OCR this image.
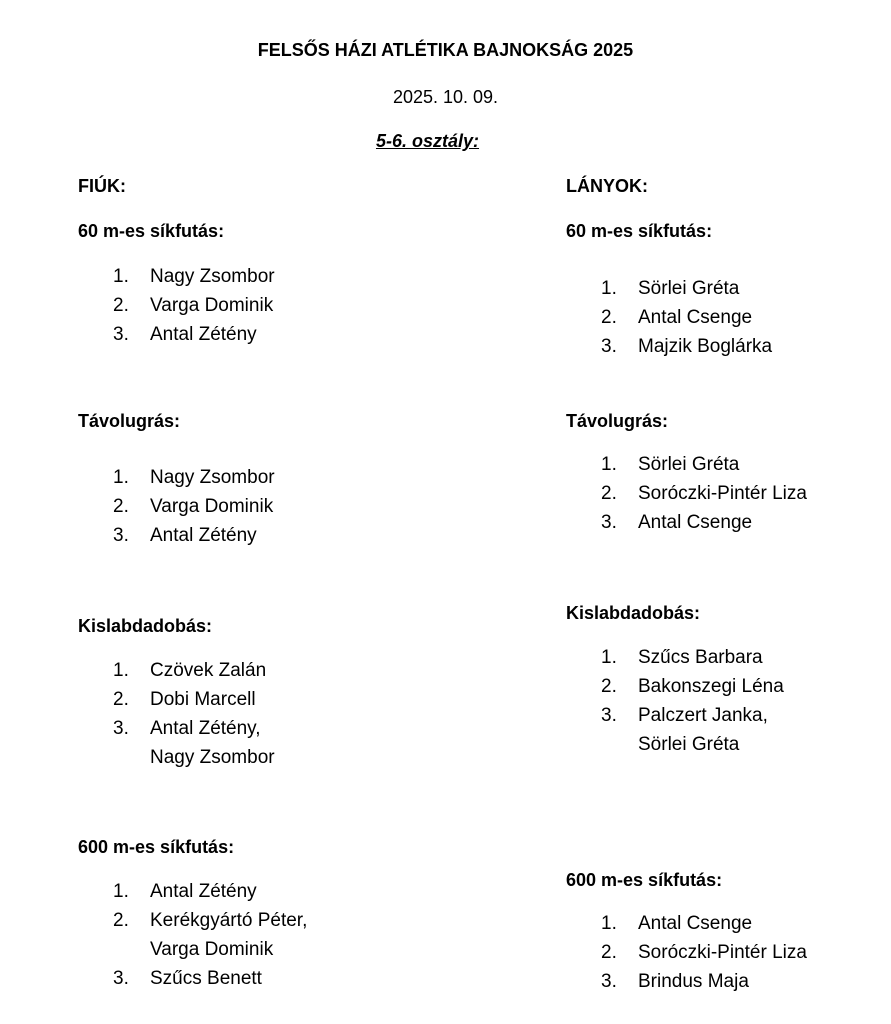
FELSŐS HÁZI ATLÉTIKA BAJNOKSÁG 2025
2025. 10. 09.
5-6. osztály:
FIÚK:
60 m-es síkfutás:
1. Nagy Zsombor
2. Varga Dominik
3. Antal Zétény
Távolugrás:
1. Nagy Zsombor
2. Varga Dominik
3. Antal Zétény
Kislabdadobás:
1. Czövek Zalán
2. Dobi Marcell
3. Antal Zétény,
Nagy Zsombor
600 m-es síkfutás:
1. Antal Zétény
2. Kerékgyártó Péter,
Varga Dominik
3. Szűcs Benett
LÁNYOK:
60 m-es síkfutás:
1. Sörlei Gréta
2. Antal Csenge
3. Majzik Boglárka
Távolugrás:
1. Sörlei Gréta
2. Soróczki-Pintér Liza
3. Antal Csenge
Kislabdadobás:
1. Szűcs Barbara
2. Bakonszegi Léna
3. Palczert Janka,
Sörlei Gréta
600 m-es síkfutás:
1. Antal Csenge
2. Soróczki-Pintér Liza
3. Brindus Maja
